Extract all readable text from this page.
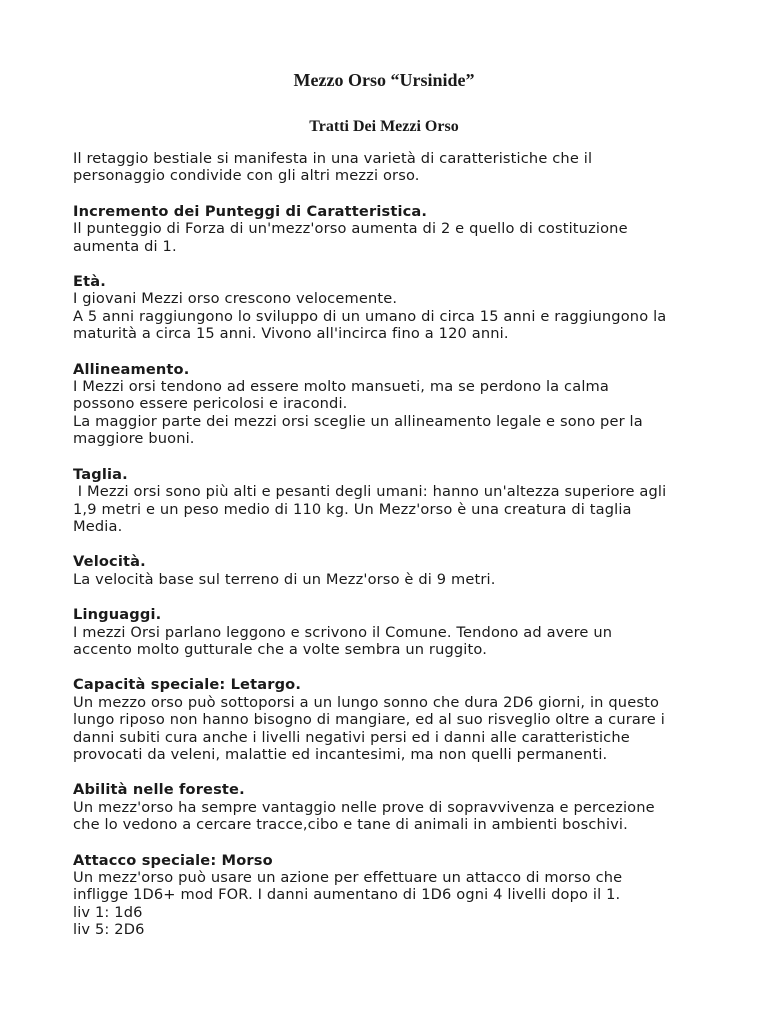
Mezzo Orso “Ursinide”
Tratti Dei Mezzi Orso

Il retaggio bestiale si manifesta in una varietà di caratteristiche che il
personaggio condivide con gli altri mezzi orso.

Incremento dei Punteggi di Caratteristica.
Il punteggio di Forza di un'mezz'orso aumenta di 2 e quello di costituzione
aumenta di 1.
Età.
I giovani Mezzi orso crescono velocemente.
A 5 anni raggiungono lo sviluppo di un umano di circa 15 anni e raggiungono la
maturità a circa 15 anni. Vivono all'incirca fino a 120 anni.
Allineamento.
I Mezzi orsi tendono ad essere molto mansueti, ma se perdono la calma
possono essere pericolosi e iracondi.
La maggior parte dei mezzi orsi sceglie un allineamento legale e sono per la
maggiore buoni.
Taglia.
I Mezzi orsi sono più alti e pesanti degli umani: hanno un'altezza superiore agli
1,9 metri e un peso medio di 110 kg. Un Mezz'orso è una creatura di taglia
Media.
Velocità.
La velocità base sul terreno di un Mezz'orso è di 9 metri.
Linguaggi.
I mezzi Orsi parlano leggono e scrivono il Comune. Tendono ad avere un
accento molto gutturale che a volte sembra un ruggito.
Capacità speciale: Letargo.
Un mezzo orso può sottoporsi a un lungo sonno che dura 2D6 giorni, in questo
lungo riposo non hanno bisogno di mangiare, ed al suo risveglio oltre a curare i
danni subiti cura anche i livelli negativi persi ed i danni alle caratteristiche
provocati da veleni, malattie ed incantesimi, ma non quelli permanenti.
Abilità nelle foreste.
Un mezz'orso ha sempre vantaggio nelle prove di sopravvivenza e percezione
che lo vedono a cercare tracce,cibo e tane di animali in ambienti boschivi.
Attacco speciale: Morso
Un mezz'orso può usare un azione per effettuare un attacco di morso che
infligge 1D6+ mod FOR. I danni aumentano di 1D6 ogni 4 livelli dopo il 1.
liv 1: 1d6
liv 5: 2D6
